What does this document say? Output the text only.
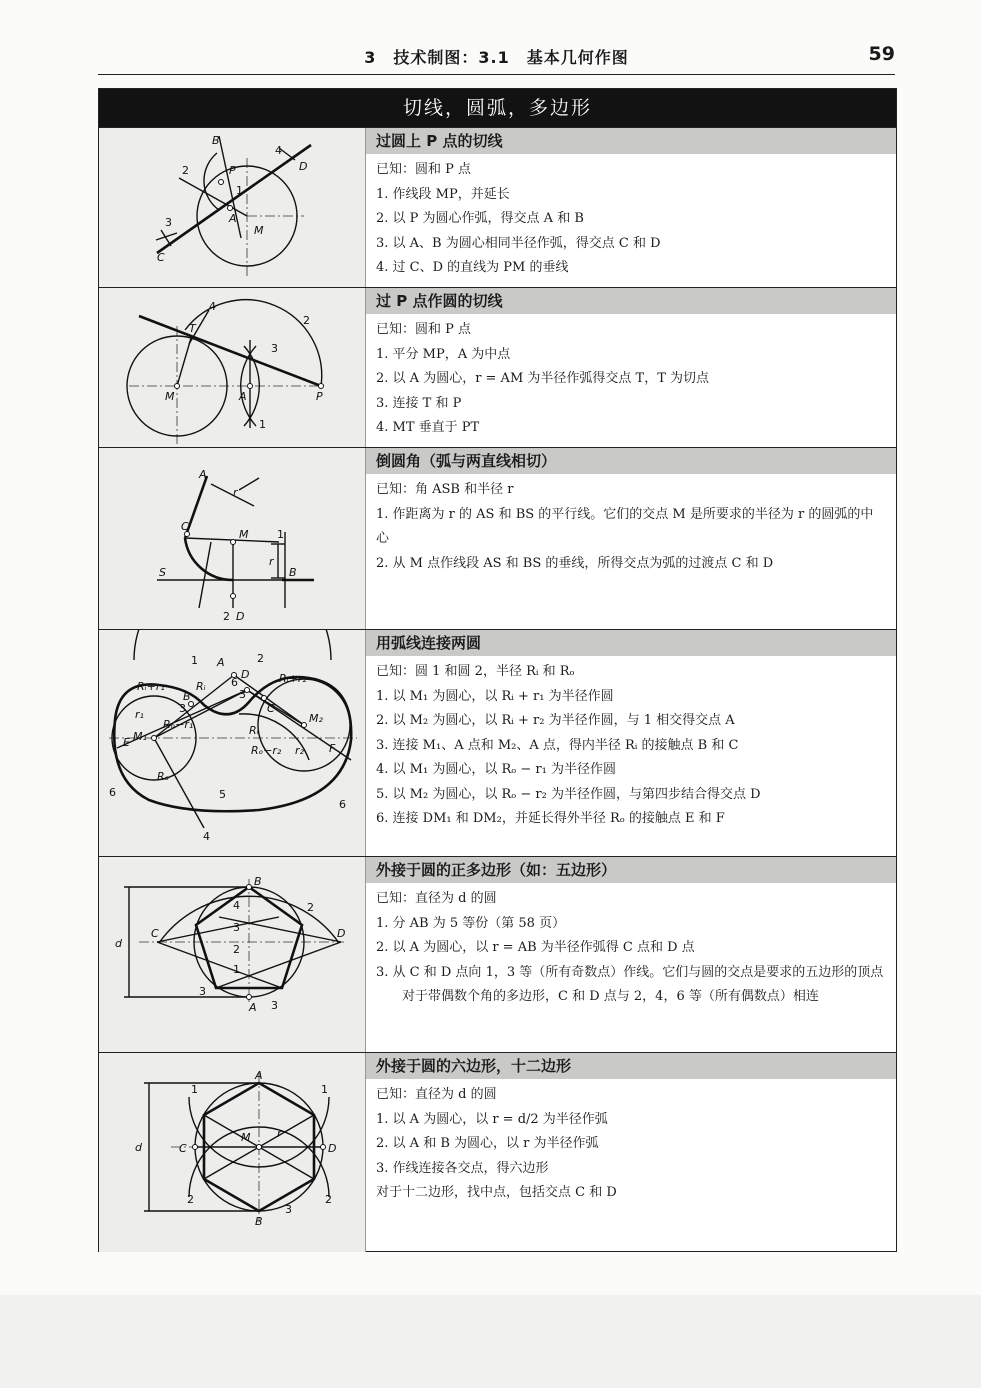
3　技术制图：3.1　基本几何作图	59
切线，圆弧，多边形
B
2	P
4
D
1
3	A
M
C
过圆上 P 点的切线

已知：圆和 P 点

1. 作线段 MP，并延长

2. 以 P 为圆心作弧，得交点 A 和 B

3. 以 A、B 为圆心相同半径作弧，得交点 C 和 D

4. 过 C、D 的直线为 PM 的垂线

T
4
2
3
M	A	P
1
过 P 点作圆的切线

已知：圆和 P 点

1. 平分 MP，A 为中点

2. 以 A 为圆心，r = AM 为半径作弧得交点 T，T 为切点

3. 连接 T 和 P

4. MT 垂直于 PT

A
r
C
M	1
r
B
S
2 D
倒圆角（弧与两直线相切）

已知：角 ASB 和半径 r

1. 作距离为 r 的 AS 和 BS 的平行线。它们的交点 M 是所要求的半径为 r 的圆弧的中心

2. 从 M 点作线段 AS 和 BS 的垂线，所得交点为弧的过渡点 C 和 D

A
B
C
D
E	F
M₁
M₂
Rᵢ+r₁
Rᵢ+r₂
Rᵢ
Rᵢ
Rₒ−r₁
Rₒ−r₂
Rₒ
r₁
r₂
1	2
3
3
4
5
6
6
6
用弧线连接两圆

已知：圆 1 和圆 2，半径 Rᵢ 和 Rₒ

1. 以 M₁ 为圆心，以 Rᵢ + r₁ 为半径作圆

2. 以 M₂ 为圆心，以 Rᵢ + r₂ 为半径作圆，与 1 相交得交点 A

3. 连接 M₁、A 点和 M₂、A 点，得内半径 Rᵢ 的接触点 B 和 C

4. 以 M₁ 为圆心，以 Rₒ − r₁ 为半径作圆

5. 以 M₂ 为圆心，以 Rₒ − r₂ 为半径作圆，与第四步结合得交点 D

6. 连接 DM₁ 和 DM₂，并延长得外半径 Rₒ 的接触点 E 和 F

B
A
C	D
d
4
3
2
1
2
3
3
外接于圆的正多边形（如：五边形）

已知：直径为 d 的圆

1. 分 AB 为 5 等份（第 58 页）

2. 以 A 为圆心，以 r = AB 为半径作弧得 C 点和 D 点

3. 从 C 和 D 点向 1，3 等（所有奇数点）作线。它们与圆的交点是要求的五边形的顶点

对于带偶数个角的多边形，C 和 D 点与 2，4，6 等（所有偶数点）相连

A
B
C	D
M
d
r
1	1
2	2
3
外接于圆的六边形，十二边形

已知：直径为 d 的圆

1. 以 A 为圆心，以 r = d/2 为半径作弧

2. 以 A 和 B 为圆心，以 r 为半径作弧

3. 作线连接各交点，得六边形

对于十二边形，找中点，包括交点 C 和 D
